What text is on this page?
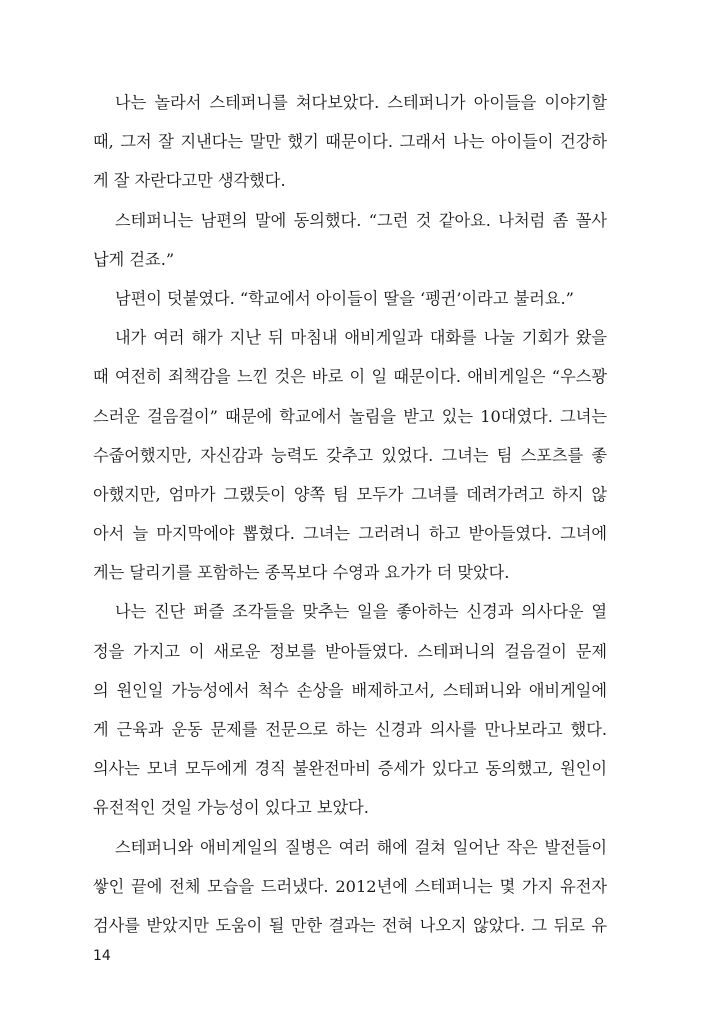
나는 놀라서 스테퍼니를 쳐다보았다. 스테퍼니가 아이들을 이야기할
때, 그저 잘 지낸다는 말만 했기 때문이다. 그래서 나는 아이들이 건강하
게 잘 자란다고만 생각했다.
스테퍼니는 남편의 말에 동의했다. “그런 것 같아요. 나처럼 좀 꼴사
납게 걷죠.”
남편이 덧붙였다. “학교에서 아이들이 딸을 ‘펭귄’이라고 불러요.”
내가 여러 해가 지난 뒤 마침내 애비게일과 대화를 나눌 기회가 왔을
때 여전히 죄책감을 느낀 것은 바로 이 일 때문이다. 애비게일은 “우스꽝
스러운 걸음걸이” 때문에 학교에서 놀림을 받고 있는 10대였다. 그녀는
수줍어했지만, 자신감과 능력도 갖추고 있었다. 그녀는 팀 스포츠를 좋
아했지만, 엄마가 그랬듯이 양쪽 팀 모두가 그녀를 데려가려고 하지 않
아서 늘 마지막에야 뽑혔다. 그녀는 그러려니 하고 받아들였다. 그녀에
게는 달리기를 포함하는 종목보다 수영과 요가가 더 맞았다.
나는 진단 퍼즐 조각들을 맞추는 일을 좋아하는 신경과 의사다운 열
정을 가지고 이 새로운 정보를 받아들였다. 스테퍼니의 걸음걸이 문제
의 원인일 가능성에서 척수 손상을 배제하고서, 스테퍼니와 애비게일에
게 근육과 운동 문제를 전문으로 하는 신경과 의사를 만나보라고 했다.
의사는 모녀 모두에게 경직 불완전마비 증세가 있다고 동의했고, 원인이
유전적인 것일 가능성이 있다고 보았다.
스테퍼니와 애비게일의 질병은 여러 해에 걸쳐 일어난 작은 발전들이
쌓인 끝에 전체 모습을 드러냈다. 2012년에 스테퍼니는 몇 가지 유전자
검사를 받았지만 도움이 될 만한 결과는 전혀 나오지 않았다. 그 뒤로 유
14
